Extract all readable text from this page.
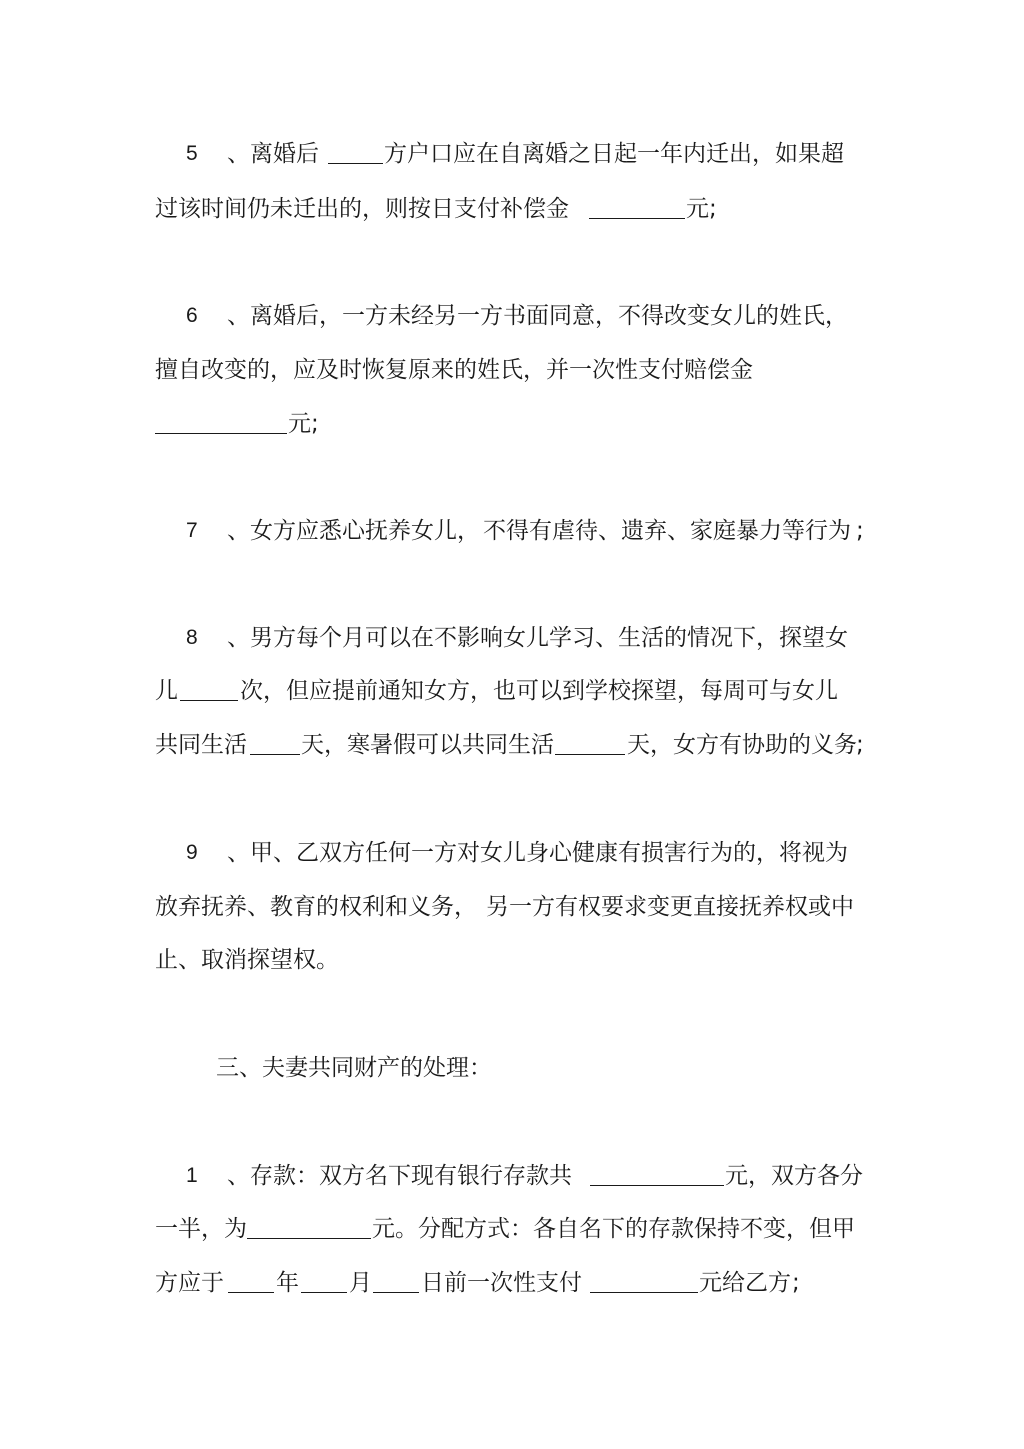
5 、离婚后	方户口应在自离婚之日起一年内迁出，如果超
过该时间仍未迁出的，则按日支付补偿金	元;
6 、离婚后，一方未经另一方书面同意，不得改变女儿的姓氏，
擅自改变的，应及时恢复原来的姓氏，并一次性支付赔偿金
元;
7 、女方应悉心抚养女儿， 不得有虐待、遗弃、家庭暴力等行为 ;
8 、男方每个月可以在不影响女儿学习、生活的情况下，探望女
儿	次，但应提前通知女方，也可以到学校探望，每周可与女儿
共同生活 天，寒暑假可以共同生活	天，女方有协助的义务 ;
9 、甲、乙双方任何一方对女儿身心健康有损害行为的，将视为
放弃抚养、教育的权利和义务， 另一方有权要求变更直接抚养权或中
止、取消探望权。
三、夫妻共同财产的处理：
1 、存款：双方名下现有银行存款共	元，双方各分
一半，为	元。分配方式：各自名下的存款保持不变，但甲
方应于 年 月 日前一次性支付	元给乙方 ;
